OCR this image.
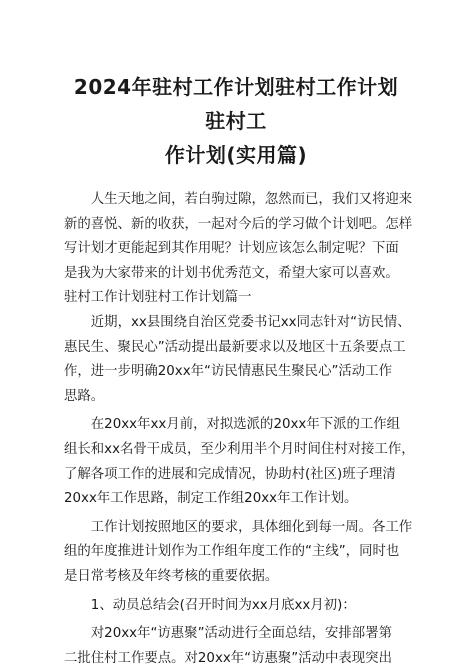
2024年驻村工作计划驻村工作计划驻村工
作计划(实用篇)
人生天地之间，若白驹过隙，忽然而已，我们又将迎来
新的喜悦、新的收获，一起对今后的学习做个计划吧。怎样
写计划才更能起到其作用呢？计划应该怎么制定呢？下面
是我为大家带来的计划书优秀范文，希望大家可以喜欢。
驻村工作计划驻村工作计划篇一
近期，xx县围绕自治区党委书记xx同志针对“访民情、
惠民生、聚民心”活动提出最新要求以及地区十五条要点工
作，进一步明确20xx年“访民情惠民生聚民心”活动工作
思路。
在20xx年xx月前，对拟选派的20xx年下派的工作组
组长和xx名骨干成员，至少利用半个月时间住村对接工作，
了解各项工作的进展和完成情况，协助村(社区)班子理清
20xx年工作思路，制定工作组20xx年工作计划。
工作计划按照地区的要求，具体细化到每一周。各工作
组的年度推进计划作为工作组年度工作的“主线”，同时也
是日常考核及年终考核的重要依据。
1、动员总结会(召开时间为xx月底xx月初)：
对20xx年“访惠聚”活动进行全面总结，安排部署第
二批住村工作要点。对20xx年“访惠聚”活动中表现突出
